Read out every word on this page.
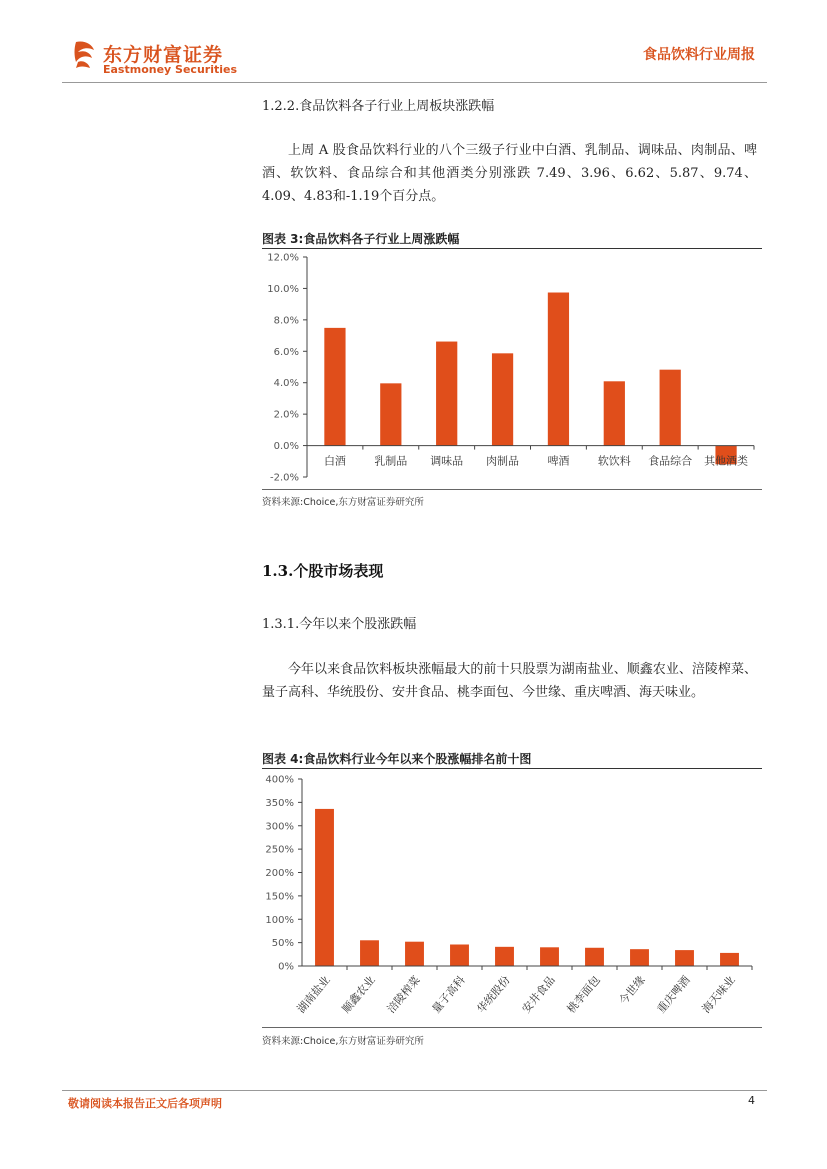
东方财富证券
Eastmoney Securities
食品饮料行业周报
1.2.2.食品饮料各子行业上周板块涨跌幅
上周 A 股食品饮料行业的八个三级子行业中白酒、乳制品、调味品、肉制品、啤酒、软饮料、食品综合和其他酒类分别涨跌 7.49、3.96、6.62、5.87、9.74、4.09、4.83和-1.19个百分点。
图表 3:食品饮料各子行业上周涨跌幅
12.0%
10.0%
8.0%
6.0%
4.0%
2.0%
0.0%
-2.0%
白酒	乳制品 调味品 肉制品	啤酒	软饮料 食品综合 其他酒类
资料来源:Choice,东方财富证券研究所
1.3.个股市场表现
1.3.1.今年以来个股涨跌幅
今年以来食品饮料板块涨幅最大的前十只股票为湖南盐业、顺鑫农业、涪陵榨菜、量子高科、华统股份、安井食品、桃李面包、今世缘、重庆啤酒、海天味业。
图表 4:食品饮料行业今年以来个股涨幅排名前十图
400%
350%
300%
250%
200%
150%
100%
50%
0%
湖南盐业 顺鑫农业 涪陵榨菜 量子高科 华统股份 安井食品 桃李面包 今世缘 重庆啤酒 海天味业
资料来源:Choice,东方财富证券研究所
敬请阅读本报告正文后各项声明	4
